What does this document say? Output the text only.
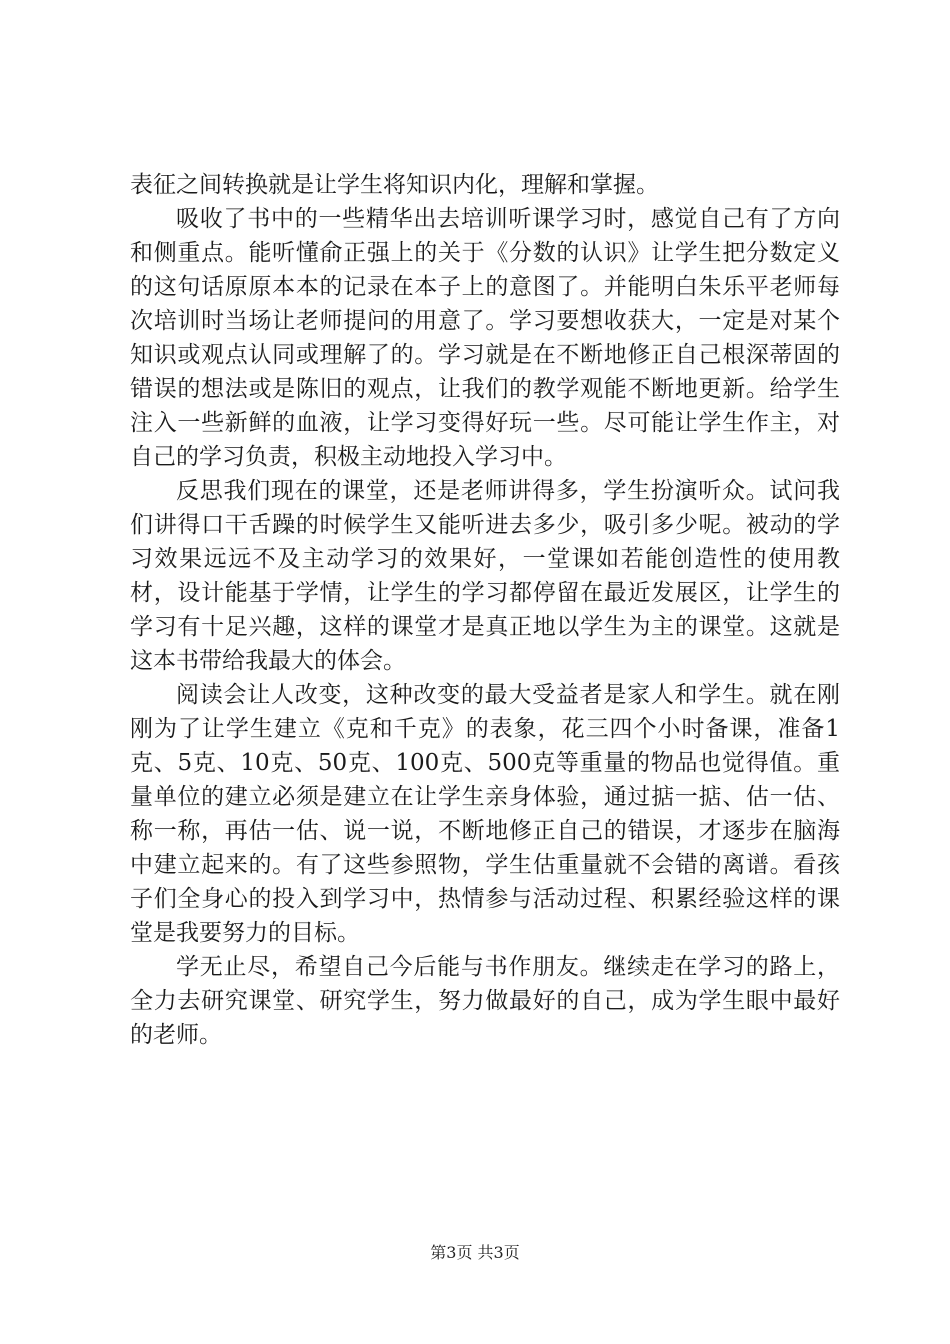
表征之间转换就是让学生将知识内化，理解和掌握。

吸收了书中的一些精华出去培训听课学习时，感觉自己有了方向和侧重点。能听懂俞正强上的关于《分数的认识》让学生把分数定义的这句话原原本本的记录在本子上的意图了。并能明白朱乐平老师每次培训时当场让老师提问的用意了。学习要想收获大，一定是对某个知识或观点认同或理解了的。学习就是在不断地修正自己根深蒂固的错误的想法或是陈旧的观点，让我们的教学观能不断地更新。给学生注入一些新鲜的血液，让学习变得好玩一些。尽可能让学生作主，对自己的学习负责，积极主动地投入学习中。

反思我们现在的课堂，还是老师讲得多，学生扮演听众。试问我们讲得口干舌躁的时候学生又能听进去多少，吸引多少呢。被动的学习效果远远不及主动学习的效果好，一堂课如若能创造性的使用教材，设计能基于学情，让学生的学习都停留在最近发展区，让学生的学习有十足兴趣，这样的课堂才是真正地以学生为主的课堂。这就是这本书带给我最大的体会。

阅读会让人改变，这种改变的最大受益者是家人和学生。就在刚刚为了让学生建立《克和千克》的表象，花三四个小时备课，准备1克、5克、10克、50克、100克、500克等重量的物品也觉得值。重量单位的建立必须是建立在让学生亲身体验，通过掂一掂、估一估、称一称，再估一估、说一说，不断地修正自己的错误，才逐步在脑海中建立起来的。有了这些参照物，学生估重量就不会错的离谱。看孩子们全身心的投入到学习中，热情参与活动过程、积累经验这样的课堂是我要努力的目标。

学无止尽，希望自己今后能与书作朋友。继续走在学习的路上，全力去研究课堂、研究学生，努力做最好的自己，成为学生眼中最好的老师。

第3页 共3页
